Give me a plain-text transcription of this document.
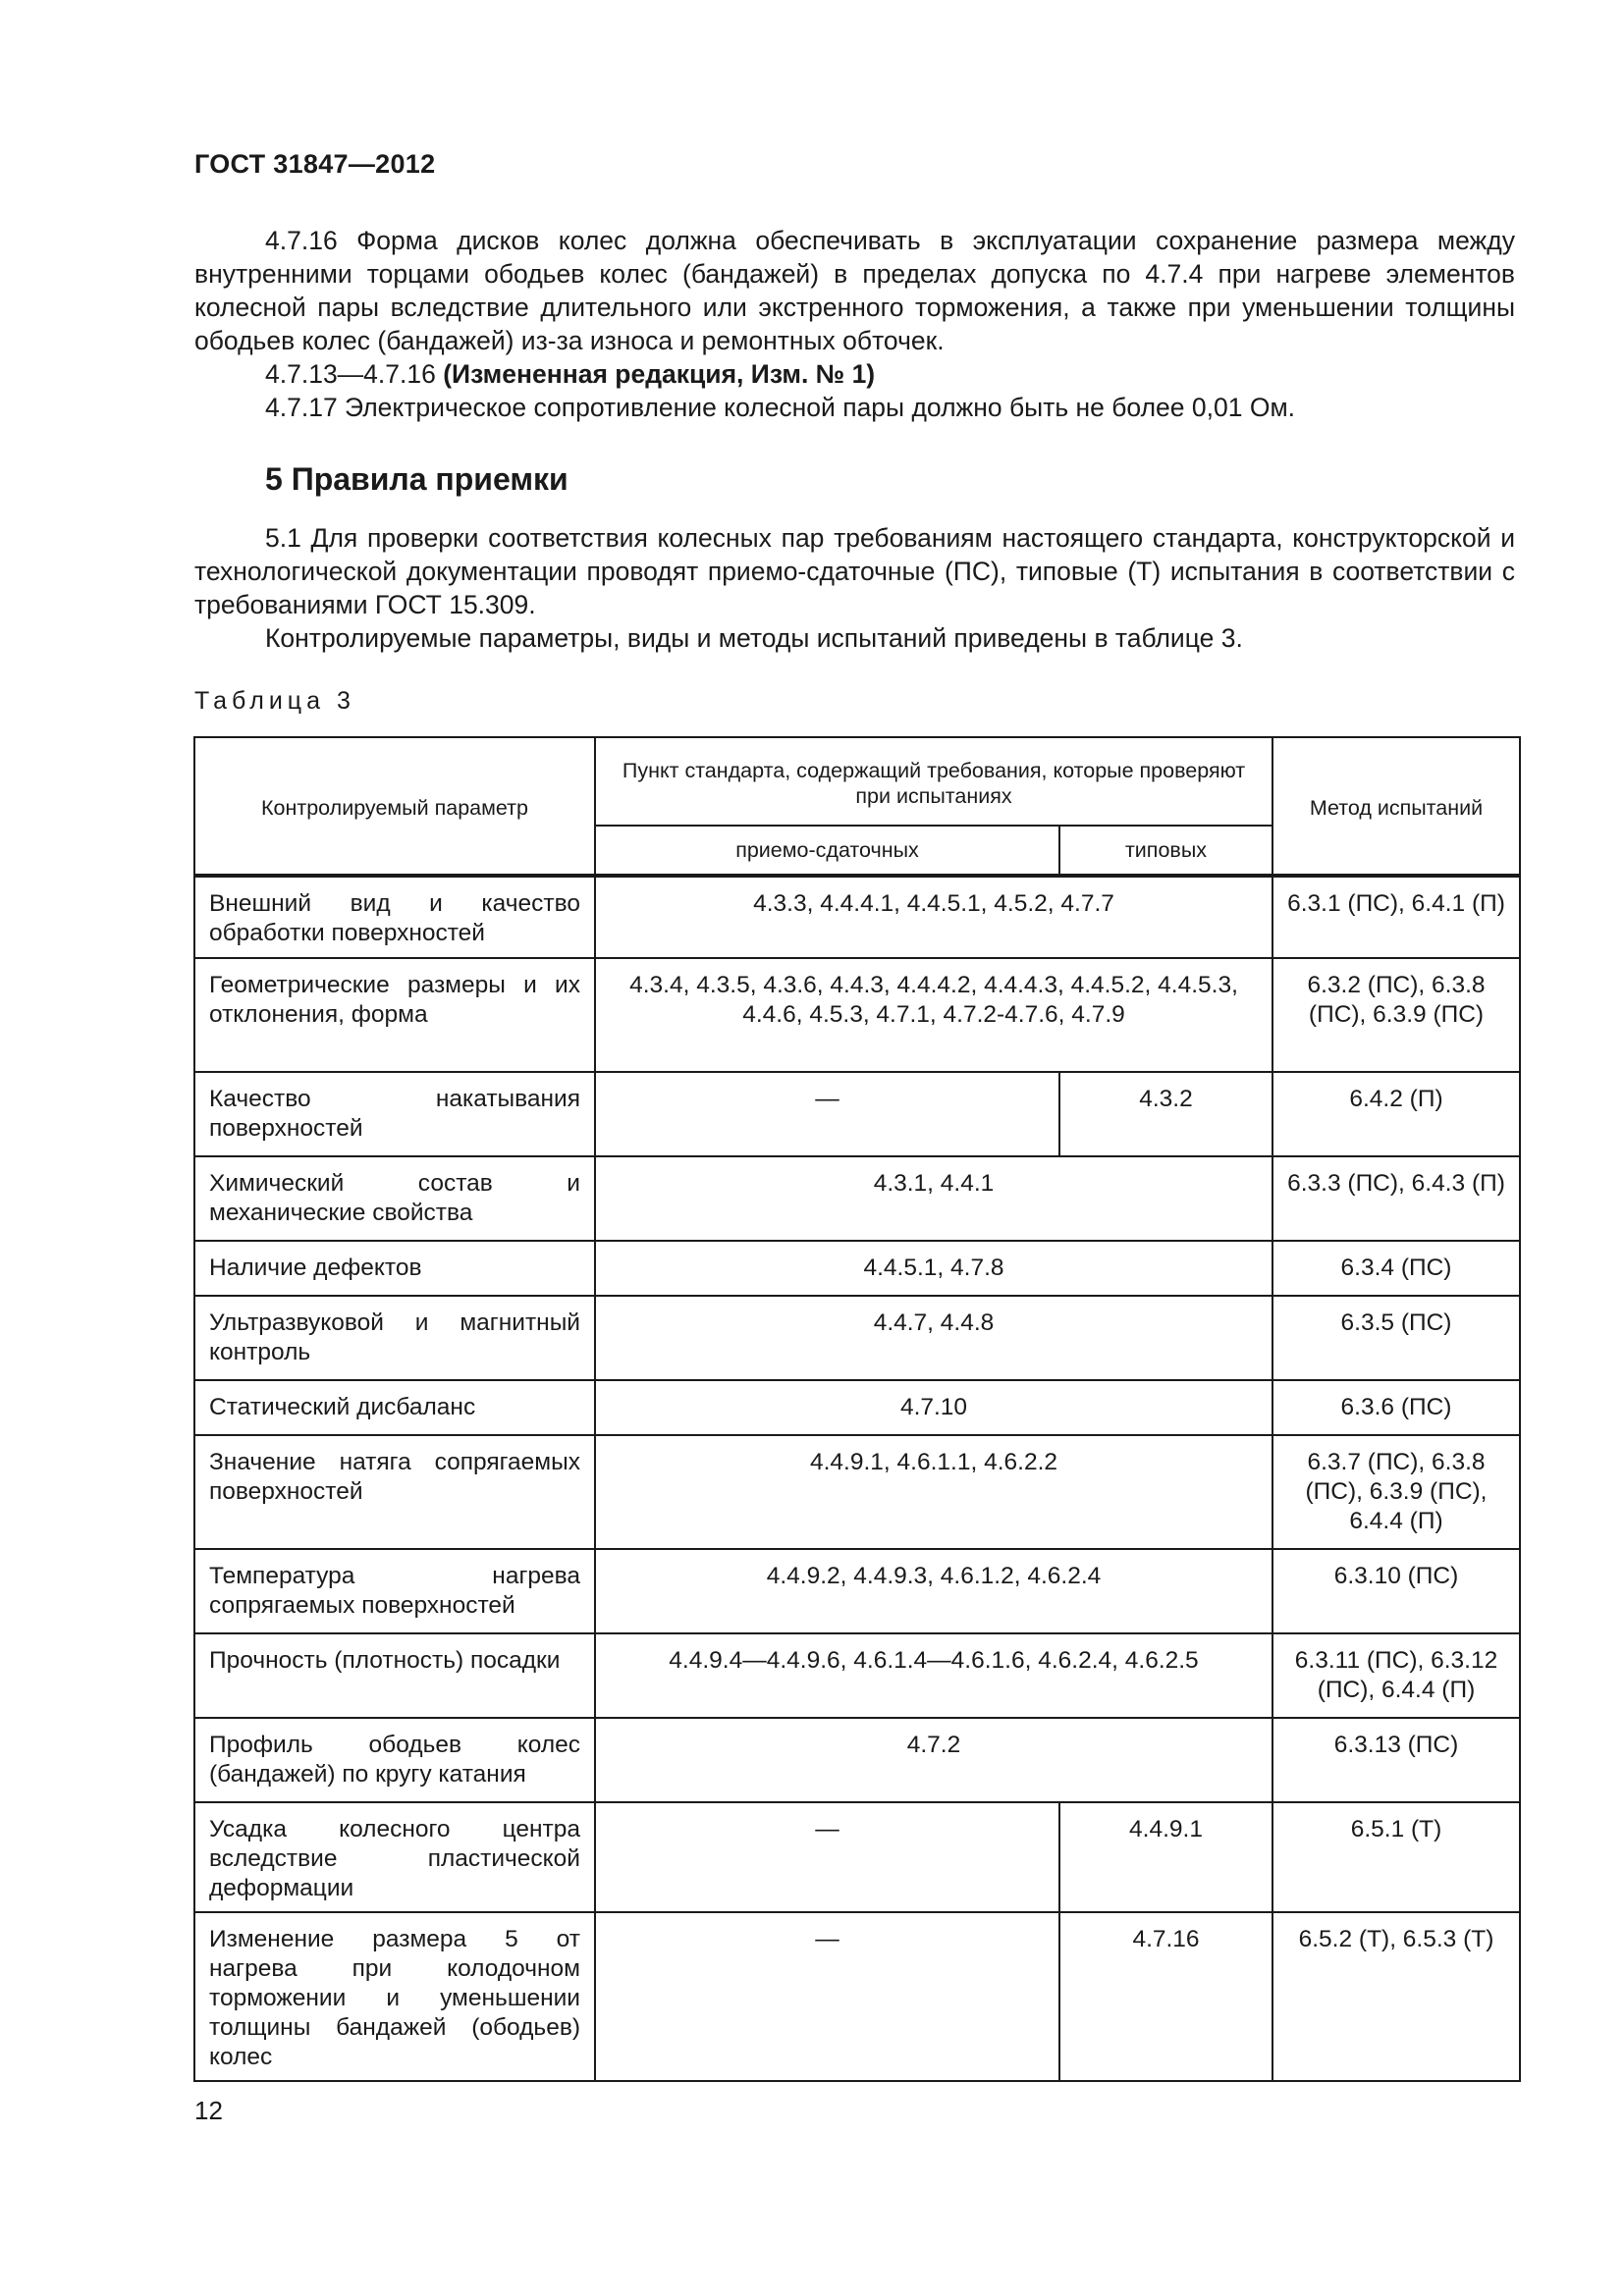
ГОСТ 31847—2012

4.7.16 Форма дисков колес должна обеспечивать в эксплуатации сохранение размера между внутренними торцами ободьев колес (бандажей) в пределах допуска по 4.7.4 при нагреве элементов колесной пары вследствие длительного или экстренного торможения, а также при уменьшении толщины ободьев колес (бандажей) из-за износа и ремонтных обточек.

4.7.13—4.7.16 (Измененная редакция, Изм. № 1)

4.7.17 Электрическое сопротивление колесной пары должно быть не более 0,01 Ом.

5 Правила приемки

5.1 Для проверки соответствия колесных пар требованиям настоящего стандарта, конструкторской и технологической документации проводят приемо-сдаточные (ПС), типовые (Т) испытания в соответствии с требованиями ГОСТ 15.309.

Контролируемые параметры, виды и методы испытаний приведены в таблице 3.

Таблица 3
Контролируемый параметр	Пункт стандарта, содержащий требования, которые проверяют при испытаниях		Метод испытаний
	приемо-сдаточных	типовых	
Внешний вид и качество обработки поверхностей	4.3.3, 4.4.4.1, 4.4.5.1, 4.5.2, 4.7.7		6.3.1 (ПС), 6.4.1 (П)
Геометрические размеры и их отклонения, форма	4.3.4, 4.3.5, 4.3.6, 4.4.3, 4.4.4.2, 4.4.4.3, 4.4.5.2, 4.4.5.3, 4.4.6, 4.5.3, 4.7.1, 4.7.2-4.7.6, 4.7.9		6.3.2 (ПС), 6.3.8 (ПС), 6.3.9 (ПС)
Качество накатывания поверхностей	—	4.3.2	6.4.2 (П)
Химический состав и механические свойства	4.3.1, 4.4.1		6.3.3 (ПС), 6.4.3 (П)
Наличие дефектов	4.4.5.1, 4.7.8		6.3.4 (ПС)
Ультразвуковой и магнитный контроль	4.4.7, 4.4.8		6.3.5 (ПС)
Статический дисбаланс	4.7.10		6.3.6 (ПС)
Значение натяга сопрягаемых поверхностей	4.4.9.1, 4.6.1.1, 4.6.2.2		6.3.7 (ПС), 6.3.8 (ПС), 6.3.9 (ПС), 6.4.4 (П)
Температура нагрева сопрягаемых поверхностей	4.4.9.2, 4.4.9.3, 4.6.1.2, 4.6.2.4		6.3.10 (ПС)
Прочность (плотность) посадки	4.4.9.4—4.4.9.6, 4.6.1.4—4.6.1.6, 4.6.2.4, 4.6.2.5		6.3.11 (ПС), 6.3.12 (ПС), 6.4.4 (П)
Профиль ободьев колес (бандажей) по кругу катания	4.7.2		6.3.13 (ПС)
Усадка колесного центра вследствие пластической деформации	—	4.4.9.1	6.5.1 (Т)
Изменение размера 5 от нагрева при колодочном торможении и уменьшении толщины бандажей (ободьев) колес	—	4.7.16	6.5.2 (Т), 6.5.3 (Т)
12
